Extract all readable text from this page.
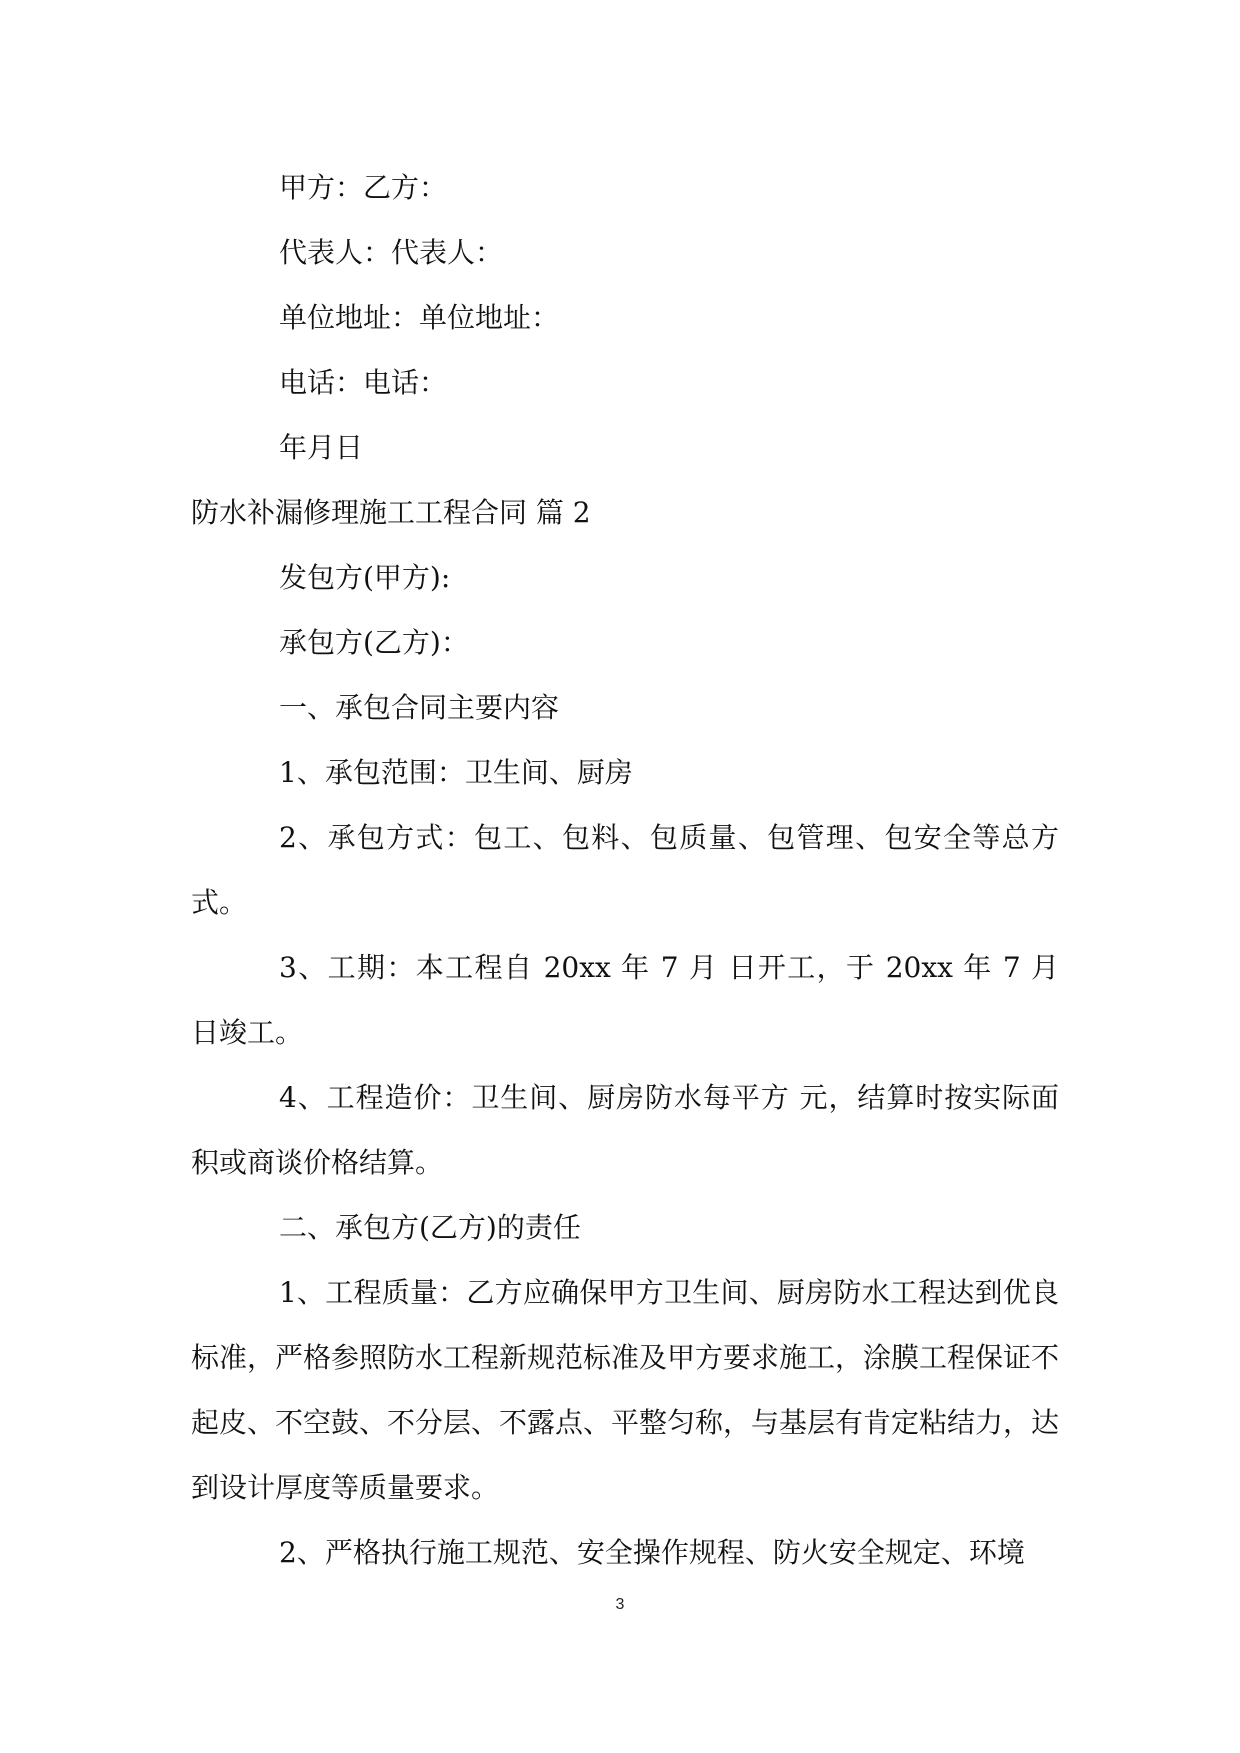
甲方：乙方：

代表人：代表人：

单位地址：单位地址：

电话：电话：

年月日

防水补漏修理施工工程合同 篇 2

发包方(甲方):

承包方(乙方)：

一、承包合同主要内容

1、承包范围：卫生间、厨房

2、承包方式：包工、包料、包质量、包管理、包安全等总方式。

3、工期：本工程自 20xx 年 7 月 日开工，于 20xx 年 7 月 日竣工。

4、工程造价：卫生间、厨房防水每平方 元，结算时按实际面积或商谈价格结算。

二、承包方(乙方)的责任

1、工程质量：乙方应确保甲方卫生间、厨房防水工程达到优良标准，严格参照防水工程新规范标准及甲方要求施工，涂膜工程保证不起皮、不空鼓、不分层、不露点、平整匀称，与基层有肯定粘结力，达到设计厚度等质量要求。

2、严格执行施工规范、安全操作规程、防火安全规定、环境

3
